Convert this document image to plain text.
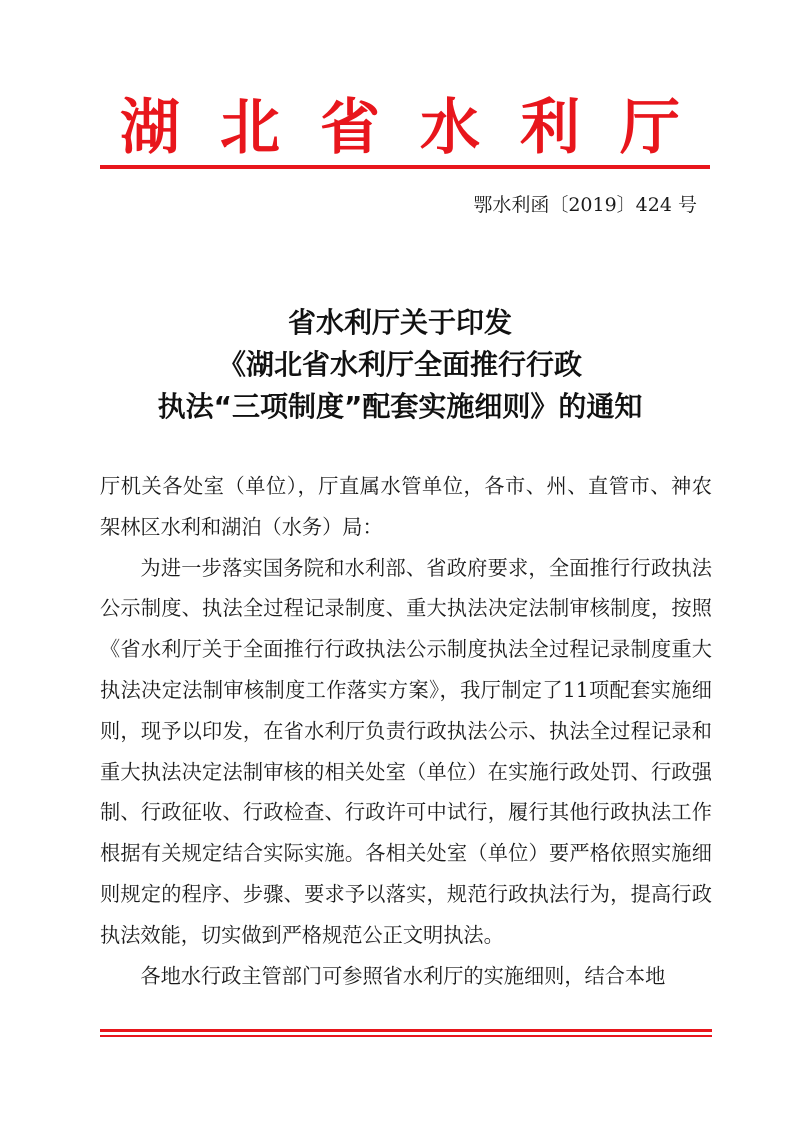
湖北省水利厅
鄂水利函〔2019〕424 号
省水利厅关于印发
《湖北省水利厅全面推行行政
执法“三项制度”配套实施细则》的通知

厅机关各处室（单位），厅直属水管单位，各市、州、直管市、神农架林区水利和湖泊（水务）局：

为进一步落实国务院和水利部、省政府要求，全面推行行政执法公示制度、执法全过程记录制度、重大执法决定法制审核制度，按照《省水利厅关于全面推行行政执法公示制度执法全过程记录制度重大执法决定法制审核制度工作落实方案》，我厅制定了11项配套实施细则，现予以印发，在省水利厅负责行政执法公示、执法全过程记录和重大执法决定法制审核的相关处室（单位）在实施行政处罚、行政强制、行政征收、行政检查、行政许可中试行，履行其他行政执法工作根据有关规定结合实际实施。各相关处室（单位）要严格依照实施细则规定的程序、步骤、要求予以落实，规范行政执法行为，提高行政执法效能，切实做到严格规范公正文明执法。

各地水行政主管部门可参照省水利厅的实施细则，结合本地
